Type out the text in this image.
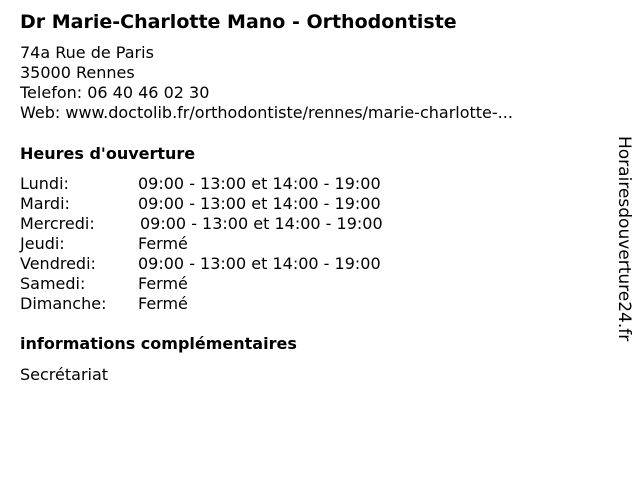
Dr Marie-Charlotte Mano - Orthodontiste
74a Rue de Paris
35000 Rennes
Telefon: 06 40 46 02 30
Web: www.doctolib.fr/orthodontiste/rennes/marie-charlotte-...
Heures d'ouverture
Lundi:	09:00 - 13:00 et 14:00 - 19:00
Mardi:	09:00 - 13:00 et 14:00 - 19:00
Mercredi:	09:00 - 13:00 et 14:00 - 19:00
Jeudi:	Fermé
Vendredi:	09:00 - 13:00 et 14:00 - 19:00
Samedi:	Fermé
Dimanche: Fermé
informations complémentaires
Secrétariat
Horairesdouverture24.fr
